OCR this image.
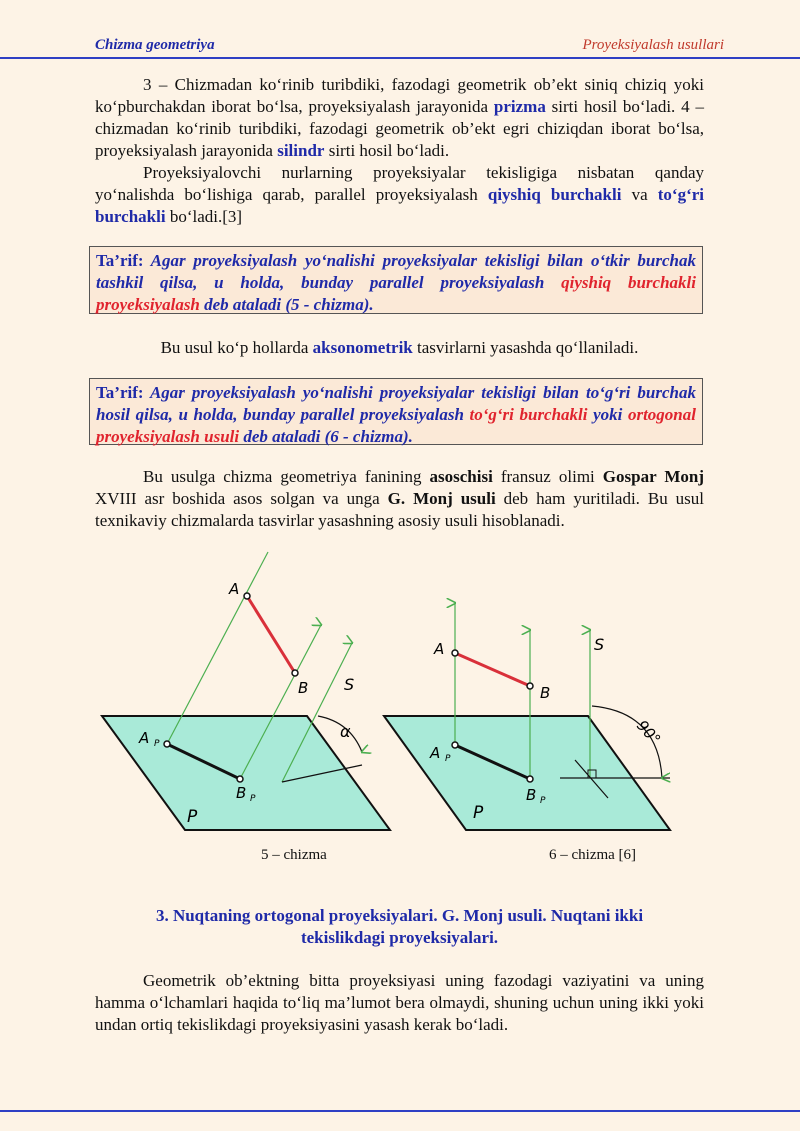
Chizma geometriya	Proyeksiyalash usullari

3 – Chizmadan ko‘rinib turibdiki, fazodagi geometrik ob’ekt siniq chiziq yoki ko‘pburchakdan iborat bo‘lsa, proyeksiyalash jarayonida prizma sirti hosil bo‘ladi. 4 – chizmadan ko‘rinib turibdiki, fazodagi geometrik ob’ekt egri chiziqdan iborat bo‘lsa, proyeksiyalash jarayonida silindr sirti hosil bo‘ladi.

Proyeksiyalovchi nurlarning proyeksiyalar tekisligiga nisbatan qanday yo‘nalishda bo‘lishiga qarab, parallel proyeksiyalash qiyshiq burchakli va to‘g‘ri burchakli bo‘ladi.[3]

Ta’rif: Agar proyeksiyalash yo‘nalishi proyeksiyalar tekisligi bilan o‘tkir burchak tashkil qilsa, u holda, bunday parallel proyeksiyalash qiyshiq burchakli proyeksiyalash deb ataladi (5 - chizma).
Bu usul ko‘p hollarda aksonometrik tasvirlarni yasashda qo‘llaniladi.
Ta’rif: Agar proyeksiyalash yo‘nalishi proyeksiyalar tekisligi bilan to‘g‘ri burchak hosil qilsa, u holda, bunday parallel proyeksiyalash to‘g‘ri burchakli yoki ortogonal proyeksiyalash usuli deb ataladi (6 - chizma).

Bu usulga chizma geometriya fanining asoschisi fransuz olimi Gospar Monj XVIII asr boshida asos solgan va unga G. Monj usuli deb ham yuritiladi. Bu usul texnikaviy chizmalarda tasvirlar yasashning asosiy usuli hisoblanadi.

A
B
A P
B P
P
S
α
A
B
A P
B P
P
S
90°
5 – chizma	6 – chizma [6]
3. Nuqtaning ortogonal proyeksiyalari. G. Monj usuli. Nuqtani ikki tekislikdagi proyeksiyalari.

Geometrik ob’ektning bitta proyeksiyasi uning fazodagi vaziyatini va uning hamma o‘lchamlari haqida to‘liq ma’lumot bera olmaydi, shuning uchun uning ikki yoki undan ortiq tekislikdagi proyeksiyasini yasash kerak bo‘ladi.
